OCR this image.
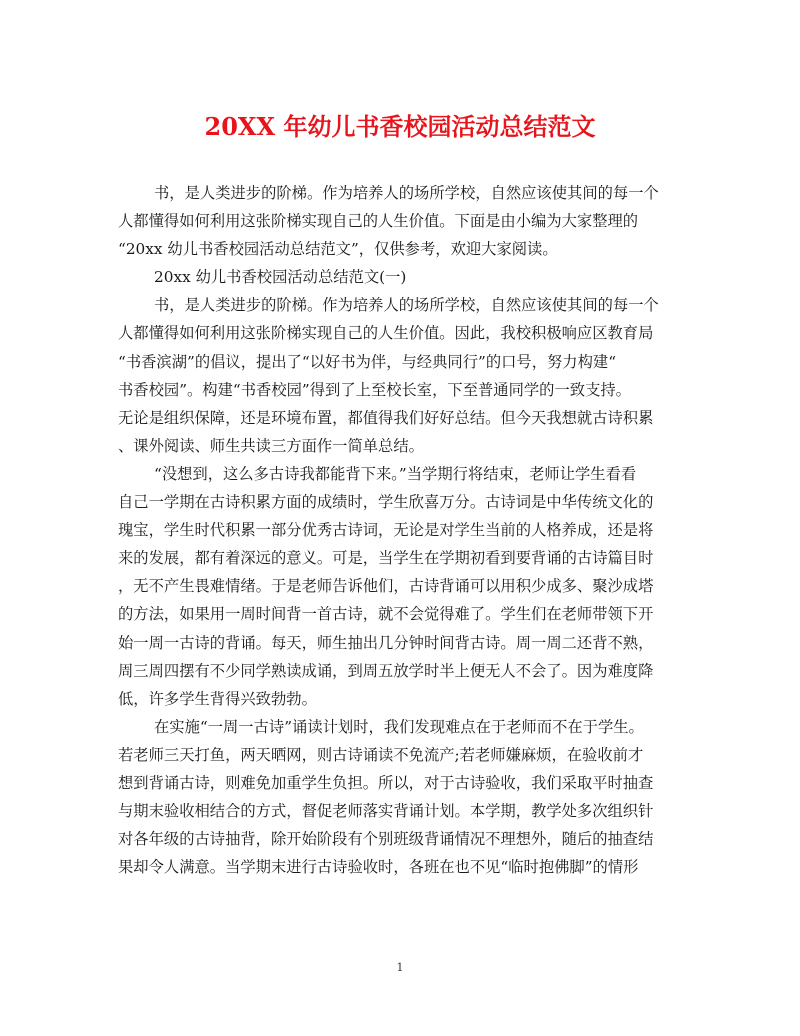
20XX 年幼儿书香校园活动总结范文

书，是人类进步的阶梯。作为培养人的场所学校，自然应该使其间的每一个
人都懂得如何利用这张阶梯实现自己的人生价值。下面是由小编为大家整理的
“20xx 幼儿书香校园活动总结范文”，仅供参考，欢迎大家阅读。

20xx 幼儿书香校园活动总结范文(一)

书，是人类进步的阶梯。作为培养人的场所学校，自然应该使其间的每一个
人都懂得如何利用这张阶梯实现自己的人生价值。因此，我校积极响应区教育局
“书香滨湖”的倡议，提出了“以好书为伴，与经典同行”的口号，努力构建“
书香校园”。构建“书香校园”得到了上至校长室，下至普通同学的一致支持。
无论是组织保障，还是环境布置，都值得我们好好总结。但今天我想就古诗积累
、课外阅读、师生共读三方面作一简单总结。

“没想到，这么多古诗我都能背下来。”当学期行将结束，老师让学生看看
自己一学期在古诗积累方面的成绩时，学生欣喜万分。古诗词是中华传统文化的
瑰宝，学生时代积累一部分优秀古诗词，无论是对学生当前的人格养成，还是将
来的发展，都有着深远的意义。可是，当学生在学期初看到要背诵的古诗篇目时
，无不产生畏难情绪。于是老师告诉他们，古诗背诵可以用积少成多、聚沙成塔
的方法，如果用一周时间背一首古诗，就不会觉得难了。学生们在老师带领下开
始一周一古诗的背诵。每天，师生抽出几分钟时间背古诗。周一周二还背不熟，
周三周四摆有不少同学熟读成诵，到周五放学时半上便无人不会了。因为难度降
低，许多学生背得兴致勃勃。

在实施“一周一古诗”诵读计划时，我们发现难点在于老师而不在于学生。
若老师三天打鱼，两天晒网，则古诗诵读不免流产;若老师嫌麻烦，在验收前才
想到背诵古诗，则难免加重学生负担。所以，对于古诗验收，我们采取平时抽查
与期末验收相结合的方式，督促老师落实背诵计划。本学期，教学处多次组织针
对各年级的古诗抽背，除开始阶段有个别班级背诵情况不理想外，随后的抽查结
果却令人满意。当学期末进行古诗验收时，各班在也不见“临时抱佛脚”的情形

1
